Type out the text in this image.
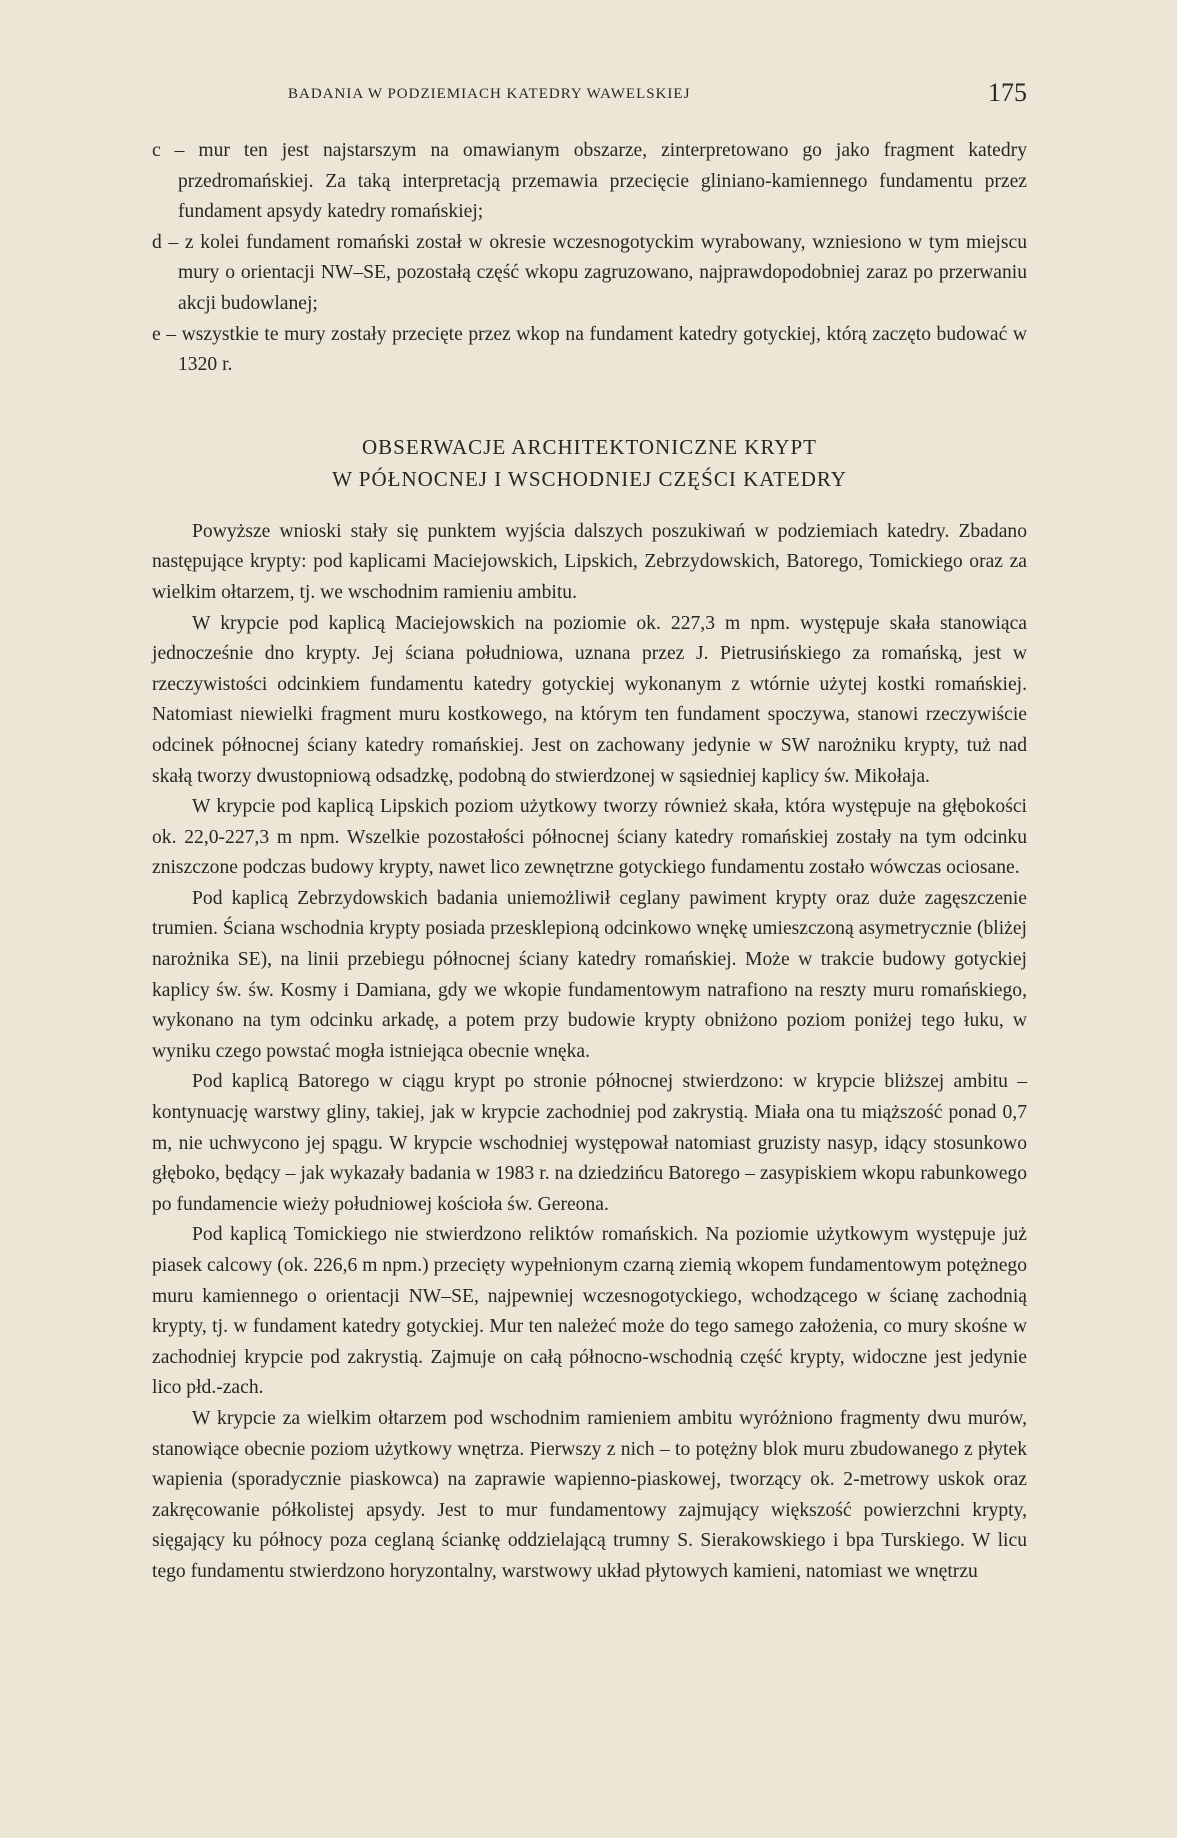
BADANIA W PODZIEMIACH KATEDRY WAWELSKIEJ	175

c – mur ten jest najstarszym na omawianym obszarze, zinterpretowano go jako fragment katedry przedromańskiej. Za taką interpretacją przemawia przecięcie gliniano-kamiennego fundamentu przez fundament apsydy katedry romańskiej;

d – z kolei fundament romański został w okresie wczesnogotyckim wyrabowany, wzniesiono w tym miejscu mury o orientacji NW–SE, pozostałą część wkopu zagruzowano, najprawdopodobniej zaraz po przerwaniu akcji budowlanej;

e – wszystkie te mury zostały przecięte przez wkop na fundament katedry gotyckiej, którą zaczęto budować w 1320 r.

OBSERWACJE ARCHITEKTONICZNE KRYPT
W PÓŁNOCNEJ I WSCHODNIEJ CZĘŚCI KATEDRY

Powyższe wnioski stały się punktem wyjścia dalszych poszukiwań w podziemiach katedry. Zbadano następujące krypty: pod kaplicami Maciejowskich, Lipskich, Zebrzydowskich, Batorego, Tomickiego oraz za wielkim ołtarzem, tj. we wschodnim ramieniu ambitu.

W krypcie pod kaplicą Maciejowskich na poziomie ok. 227,3 m npm. występuje skała stanowiąca jednocześnie dno krypty. Jej ściana południowa, uznana przez J. Pietrusińskiego za romańską, jest w rzeczywistości odcinkiem fundamentu katedry gotyckiej wykonanym z wtórnie użytej kostki romańskiej. Natomiast niewielki fragment muru kostkowego, na którym ten fundament spoczywa, stanowi rzeczywiście odcinek północnej ściany katedry romańskiej. Jest on zachowany jedynie w SW narożniku krypty, tuż nad skałą tworzy dwustopniową odsadzkę, podobną do stwierdzonej w sąsiedniej kaplicy św. Mikołaja.

W krypcie pod kaplicą Lipskich poziom użytkowy tworzy również skała, która występuje na głębokości ok. 22,0-227,3 m npm. Wszelkie pozostałości północnej ściany katedry romańskiej zostały na tym odcinku zniszczone podczas budowy krypty, nawet lico zewnętrzne gotyckiego fundamentu zostało wówczas ociosane.

Pod kaplicą Zebrzydowskich badania uniemożliwił ceglany pawiment krypty oraz duże zagęszczenie trumien. Ściana wschodnia krypty posiada przesklepioną odcinkowo wnękę umieszczoną asymetrycznie (bliżej narożnika SE), na linii przebiegu północnej ściany katedry romańskiej. Może w trakcie budowy gotyckiej kaplicy św. św. Kosmy i Damiana, gdy we wkopie fundamentowym natrafiono na reszty muru romańskiego, wykonano na tym odcinku arkadę, a potem przy budowie krypty obniżono poziom poniżej tego łuku, w wyniku czego powstać mogła istniejąca obecnie wnęka.

Pod kaplicą Batorego w ciągu krypt po stronie północnej stwierdzono: w krypcie bliższej ambitu – kontynuację warstwy gliny, takiej, jak w krypcie zachodniej pod zakrystią. Miała ona tu miąższość ponad 0,7 m, nie uchwycono jej spągu. W krypcie wschodniej występował natomiast gruzisty nasyp, idący stosunkowo głęboko, będący – jak wykazały badania w 1983 r. na dziedzińcu Batorego – zasypiskiem wkopu rabunkowego po fundamencie wieży południowej kościoła św. Gereona.

Pod kaplicą Tomickiego nie stwierdzono reliktów romańskich. Na poziomie użytkowym występuje już piasek calcowy (ok. 226,6 m npm.) przecięty wypełnionym czarną ziemią wkopem fundamentowym potężnego muru kamiennego o orientacji NW–SE, najpewniej wczesnogotyckiego, wchodzącego w ścianę zachodnią krypty, tj. w fundament katedry gotyckiej. Mur ten należeć może do tego samego założenia, co mury skośne w zachodniej krypcie pod zakrystią. Zajmuje on całą północno-wschodnią część krypty, widoczne jest jedynie lico płd.-zach.

W krypcie za wielkim ołtarzem pod wschodnim ramieniem ambitu wyróżniono fragmenty dwu murów, stanowiące obecnie poziom użytkowy wnętrza. Pierwszy z nich – to potężny blok muru zbudowanego z płytek wapienia (sporadycznie piaskowca) na zaprawie wapienno-piaskowej, tworzący ok. 2-metrowy uskok oraz zakręcowanie półkolistej apsydy. Jest to mur fundamentowy zajmujący większość powierzchni krypty, sięgający ku północy poza ceglaną ściankę oddzielającą trumny S. Sierakowskiego i bpa Turskiego. W licu tego fundamentu stwierdzono horyzontalny, warstwowy układ płytowych kamieni, natomiast we wnętrzu
